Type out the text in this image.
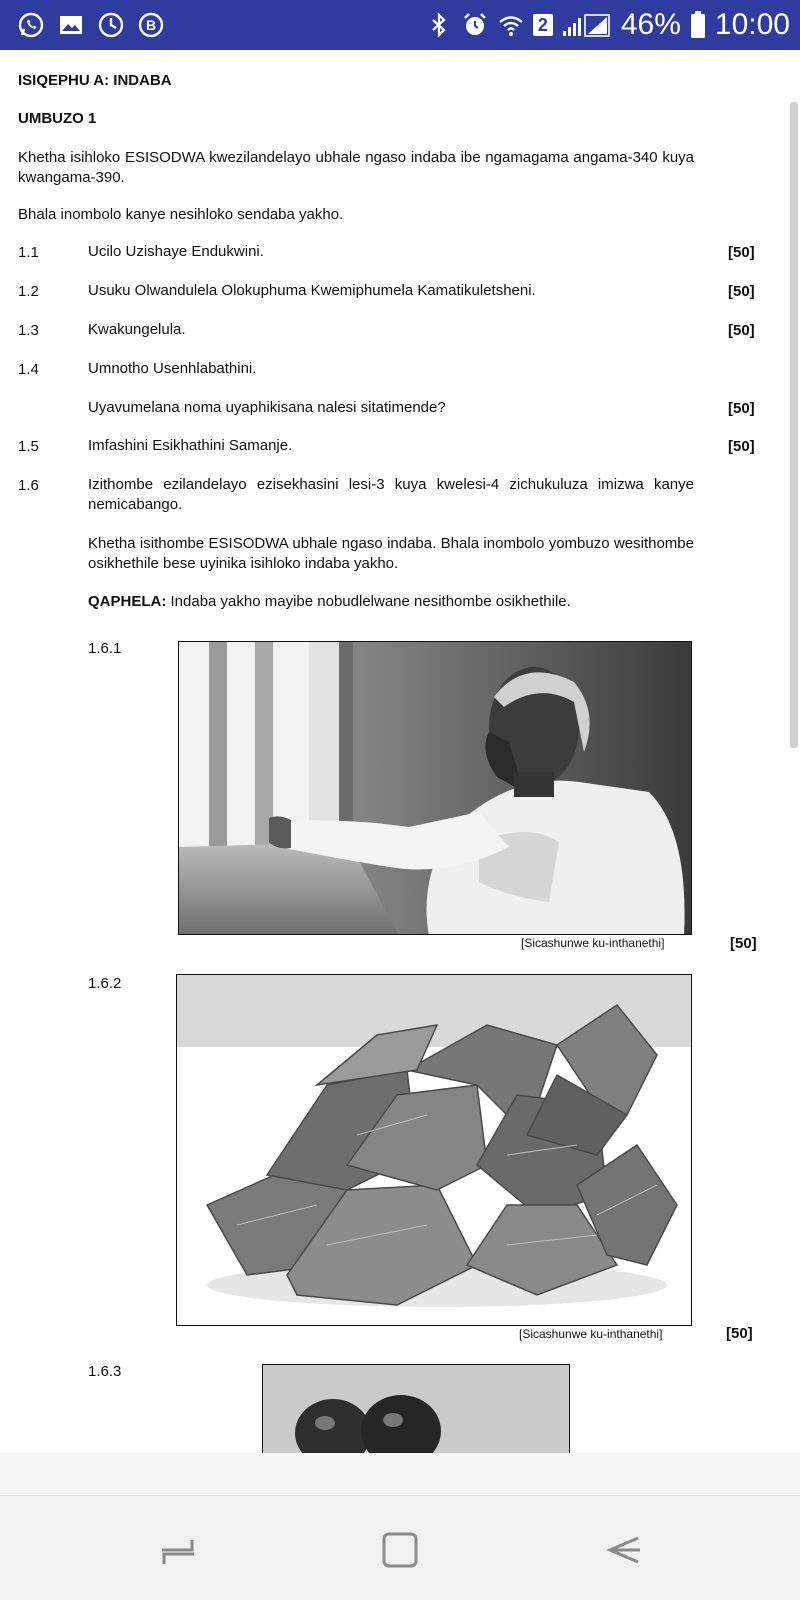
B	2 46% 10:00
ISIQEPHU A: INDABA
UMBUZO 1
Khetha isihloko ESISODWA kwezilandelayo ubhale ngaso indaba ibe ngamagama angama-340 kuya kwangama-390.
Bhala inombolo kanye nesihloko sendaba yakho.
1.1	Ucilo Uzishaye Endukwini.	[50]
1.2	Usuku Olwandulela Olokuphuma Kwemiphumela Kamatikuletsheni.	[50]
1.3	Kwakungelula.	[50]
1.4	Umnotho Usenhlabathini.
Uyavumelana noma uyaphikisana nalesi sitatimende?	[50]
1.5	Imfashini Esikhathini Samanje.	[50]
1.6	Izithombe ezilandelayo ezisekhasini lesi-3 kuya kwelesi-4 zichukuluza imizwa kanye nemicabango.
Khetha isithombe ESISODWA ubhale ngaso indaba. Bhala inombolo yombuzo wesithombe osikhethile bese uyinika isihloko indaba yakho.
QAPHELA: Indaba yakho mayibe nobudlelwane nesithombe osikhethile.
1.6.1
[Sicashunwe ku-inthanethi]	[50]
1.6.2
[Sicashunwe ku-inthanethi]	[50]
1.6.3
